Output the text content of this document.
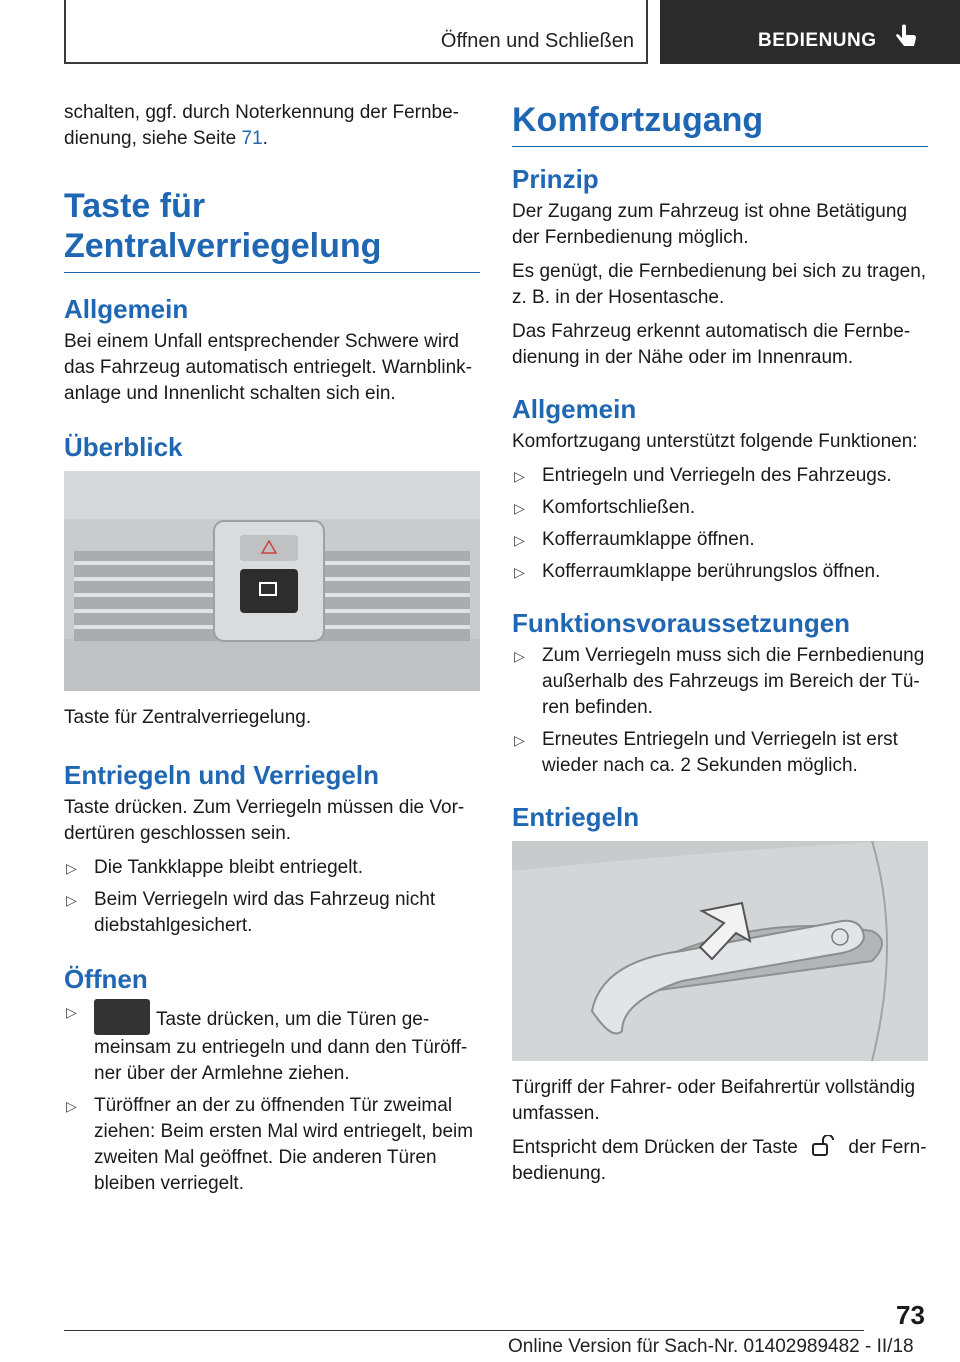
Öffnen und Schließen	BEDIENUNG

schalten, ggf. durch Noterkennung der Fernbe-dienung, siehe Seite 71.

Taste für Zentralverriegelung
Allgemein

Bei einem Unfall entsprechender Schwere wird das Fahrzeug automatisch entriegelt. Warnblink-anlage und Innenlicht schalten sich ein.

Überblick

Taste für Zentralverriegelung.

Entriegeln und Verriegeln

Taste drücken. Zum Verriegeln müssen die Vor-dertüren geschlossen sein.

▷ Die Tankklappe bleibt entriegelt.
▷ Beim Verriegeln wird das Fahrzeug nicht diebstahlgesichert.
Öffnen
▷	Taste drücken, um die Türen ge-meinsam zu entriegeln und dann den Türöff-ner über der Armlehne ziehen.
▷ Türöffner an der zu öffnenden Tür zweimal ziehen: Beim ersten Mal wird entriegelt, beim zweiten Mal geöffnet. Die anderen Türen bleiben verriegelt.
Komfortzugang
Prinzip

Der Zugang zum Fahrzeug ist ohne Betätigung der Fernbedienung möglich.

Es genügt, die Fernbedienung bei sich zu tragen, z. B. in der Hosentasche.

Das Fahrzeug erkennt automatisch die Fernbe-dienung in der Nähe oder im Innenraum.

Allgemein

Komfortzugang unterstützt folgende Funktionen:

▷ Entriegeln und Verriegeln des Fahrzeugs.
▷ Komfortschließen.
▷ Kofferraumklappe öffnen.
▷ Kofferraumklappe berührungslos öffnen.
Funktionsvoraussetzungen
▷ Zum Verriegeln muss sich die Fernbedienung außerhalb des Fahrzeugs im Bereich der Tü-ren befinden.
▷ Erneutes Entriegeln und Verriegeln ist erst wieder nach ca. 2 Sekunden möglich.
Entriegeln

Türgriff der Fahrer- oder Beifahrertür vollständig umfassen.

Entspricht dem Drücken der Taste	der Fern-bedienung.

73
Online Version für Sach-Nr. 01402989482 - II/18
